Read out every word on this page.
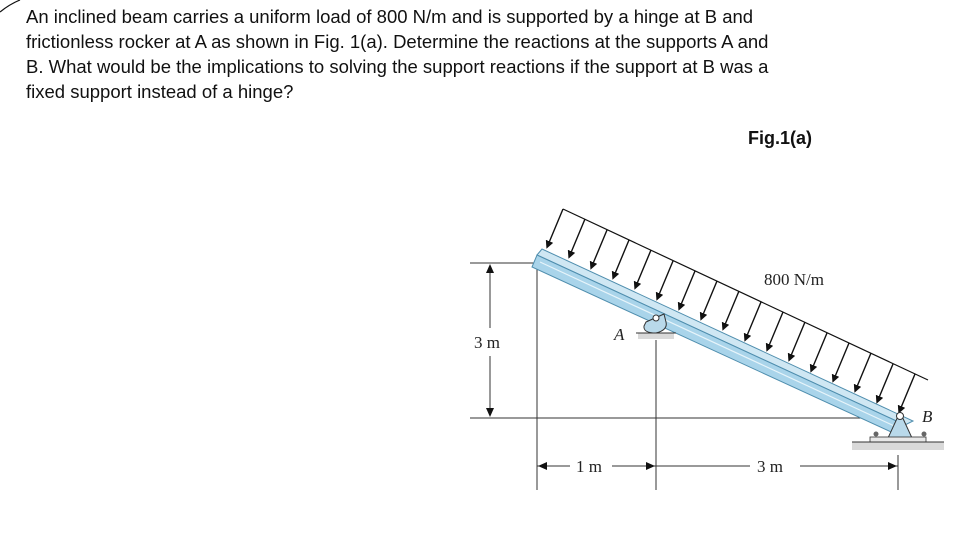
An inclined beam carries a uniform load of 800 N/m and is supported by a hinge at B and
frictionless rocker at A as shown in Fig. 1(a). Determine the reactions at the supports A and
B. What would be the implications to solving the support reactions if the support at B was a
fixed support instead of a hinge?
Fig.1(a)
800 N/m
3 m
1 m	3 m
A
B
